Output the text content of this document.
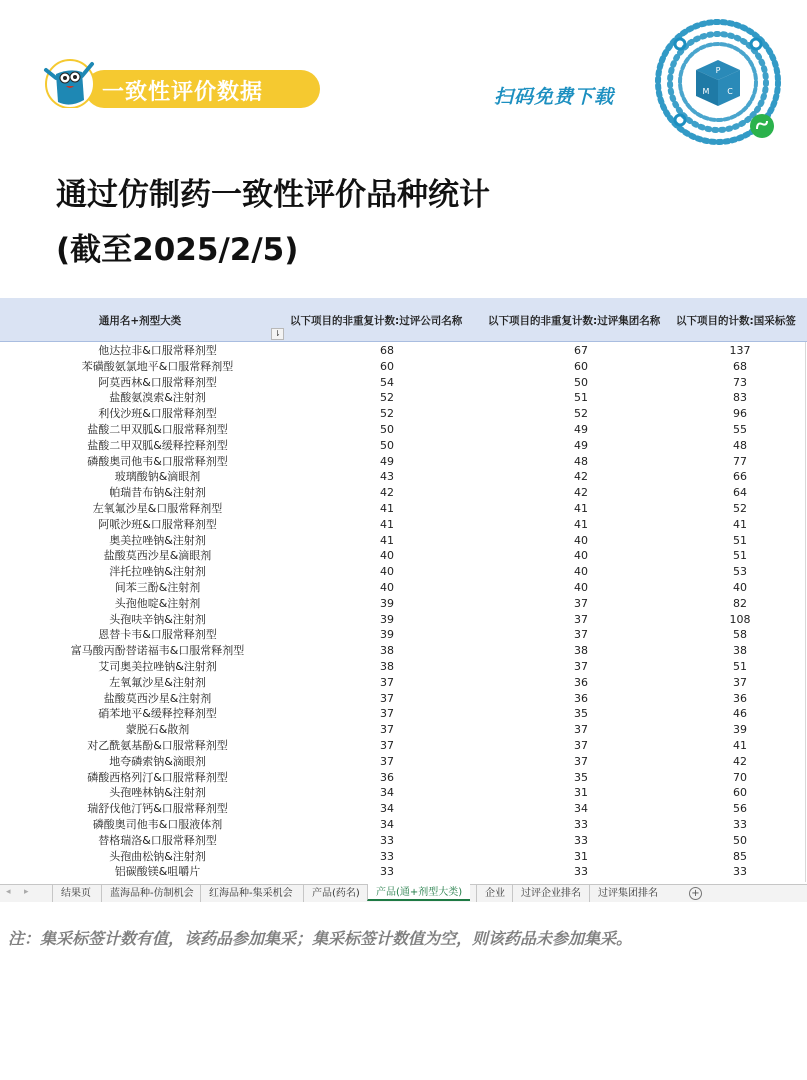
一致性评价数据	扫码免费下载
P
M C
通过仿制药一致性评价品种统计
(截至2025/2/5)
通用名+剂型大类	以下项目的非重复计数:过评公司名称	以下项目的非重复计数:过评集团名称	以下项目的计数:国采标签
⇂
他达拉非&口服常释剂型	68	67	137
苯磺酸氨氯地平&口服常释剂型	60	60	68
阿莫西林&口服常释剂型	54	50	73
盐酸氨溴索&注射剂	52	51	83
利伐沙班&口服常释剂型	52	52	96
盐酸二甲双胍&口服常释剂型	50	49	55
盐酸二甲双胍&缓释控释剂型	50	49	48
磷酸奥司他韦&口服常释剂型	49	48	77
玻璃酸钠&滴眼剂	43	42	66
帕瑞昔布钠&注射剂	42	42	64
左氧氟沙星&口服常释剂型	41	41	52
阿哌沙班&口服常释剂型	41	41	41
奥美拉唑钠&注射剂	41	40	51
盐酸莫西沙星&滴眼剂	40	40	51
泮托拉唑钠&注射剂	40	40	53
间苯三酚&注射剂	40	40	40
头孢他啶&注射剂	39	37	82
头孢呋辛钠&注射剂	39	37	108
恩替卡韦&口服常释剂型	39	37	58
富马酸丙酚替诺福韦&口服常释剂型	38	38	38
艾司奥美拉唑钠&注射剂	38	37	51
左氧氟沙星&注射剂	37	36	37
盐酸莫西沙星&注射剂	37	36	36
硝苯地平&缓释控释剂型	37	35	46
蒙脱石&散剂	37	37	39
对乙酰氨基酚&口服常释剂型	37	37	41
地夸磷索钠&滴眼剂	37	37	42
磷酸西格列汀&口服常释剂型	36	35	70
头孢唑林钠&注射剂	34	31	60
瑞舒伐他汀钙&口服常释剂型	34	34	56
磷酸奥司他韦&口服液体剂	34	33	33
替格瑞洛&口服常释剂型	33	33	50
头孢曲松钠&注射剂	33	31	85
铝碳酸镁&咀嚼片	33	33	33
◂ ▸	结果页	蓝海品种-仿制机会	红海品种-集采机会	产品(药名)	产品(通+剂型大类)	企业	过评企业排名	过评集团排名	+
注：集采标签计数有值，该药品参加集采；集采标签计数值为空，则该药品未参加集采。
